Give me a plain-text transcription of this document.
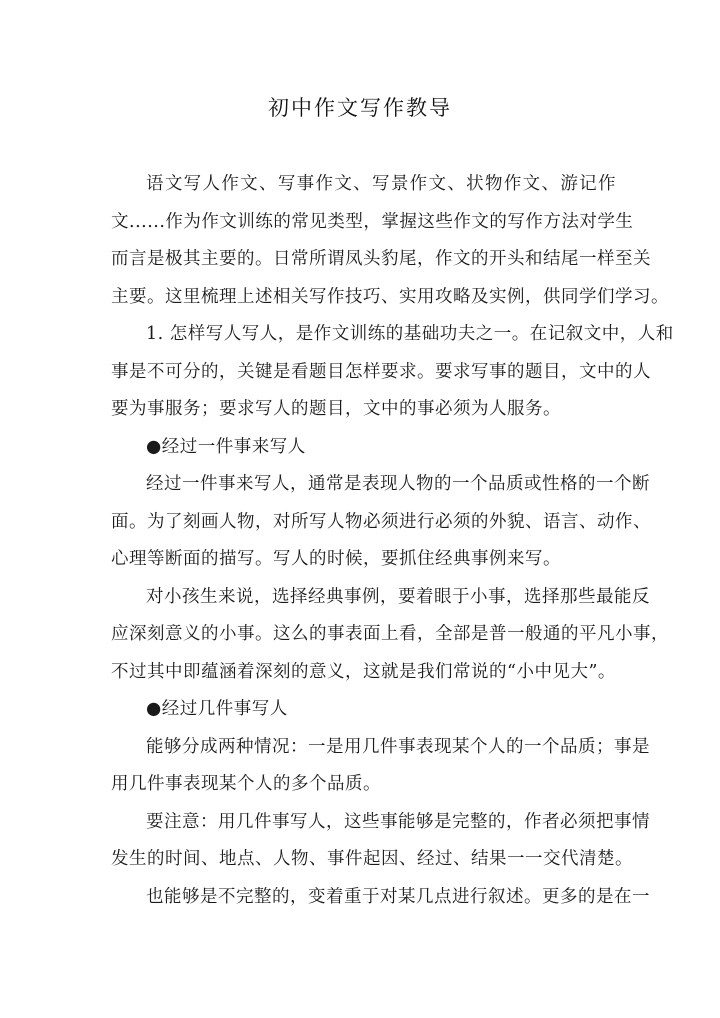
初中作文写作教导
语文写人作文、写事作文、写景作文、状物作文、游记作
文......作为作文训练的常见类型，掌握这些作文的写作方法对学生
而言是极其主要的。日常所谓凤头豹尾，作文的开头和结尾一样至关
主要。这里梳理上述相关写作技巧、实用攻略及实例，供同学们学习。
1. 怎样写人写人，是作文训练的基础功夫之一。在记叙文中，人和
事是不可分的，关键是看题目怎样要求。要求写事的题目，文中的人
要为事服务；要求写人的题目，文中的事必须为人服务。
●经过一件事来写人
经过一件事来写人，通常是表现人物的一个品质或性格的一个断
面。为了刻画人物，对所写人物必须进行必须的外貌、语言、动作、
心理等断面的描写。写人的时候，要抓住经典事例来写。
对小孩生来说，选择经典事例，要着眼于小事，选择那些最能反
应深刻意义的小事。这么的事表面上看，全部是普一般通的平凡小事，
不过其中即蕴涵着深刻的意义，这就是我们常说的“小中见大”。
●经过几件事写人
能够分成两种情况：一是用几件事表现某个人的一个品质；事是
用几件事表现某个人的多个品质。
要注意：用几件事写人，这些事能够是完整的，作者必须把事情
发生的时间、地点、人物、事件起因、经过、结果一一交代清楚。
也能够是不完整的，变着重于对某几点进行叙述。更多的是在一
